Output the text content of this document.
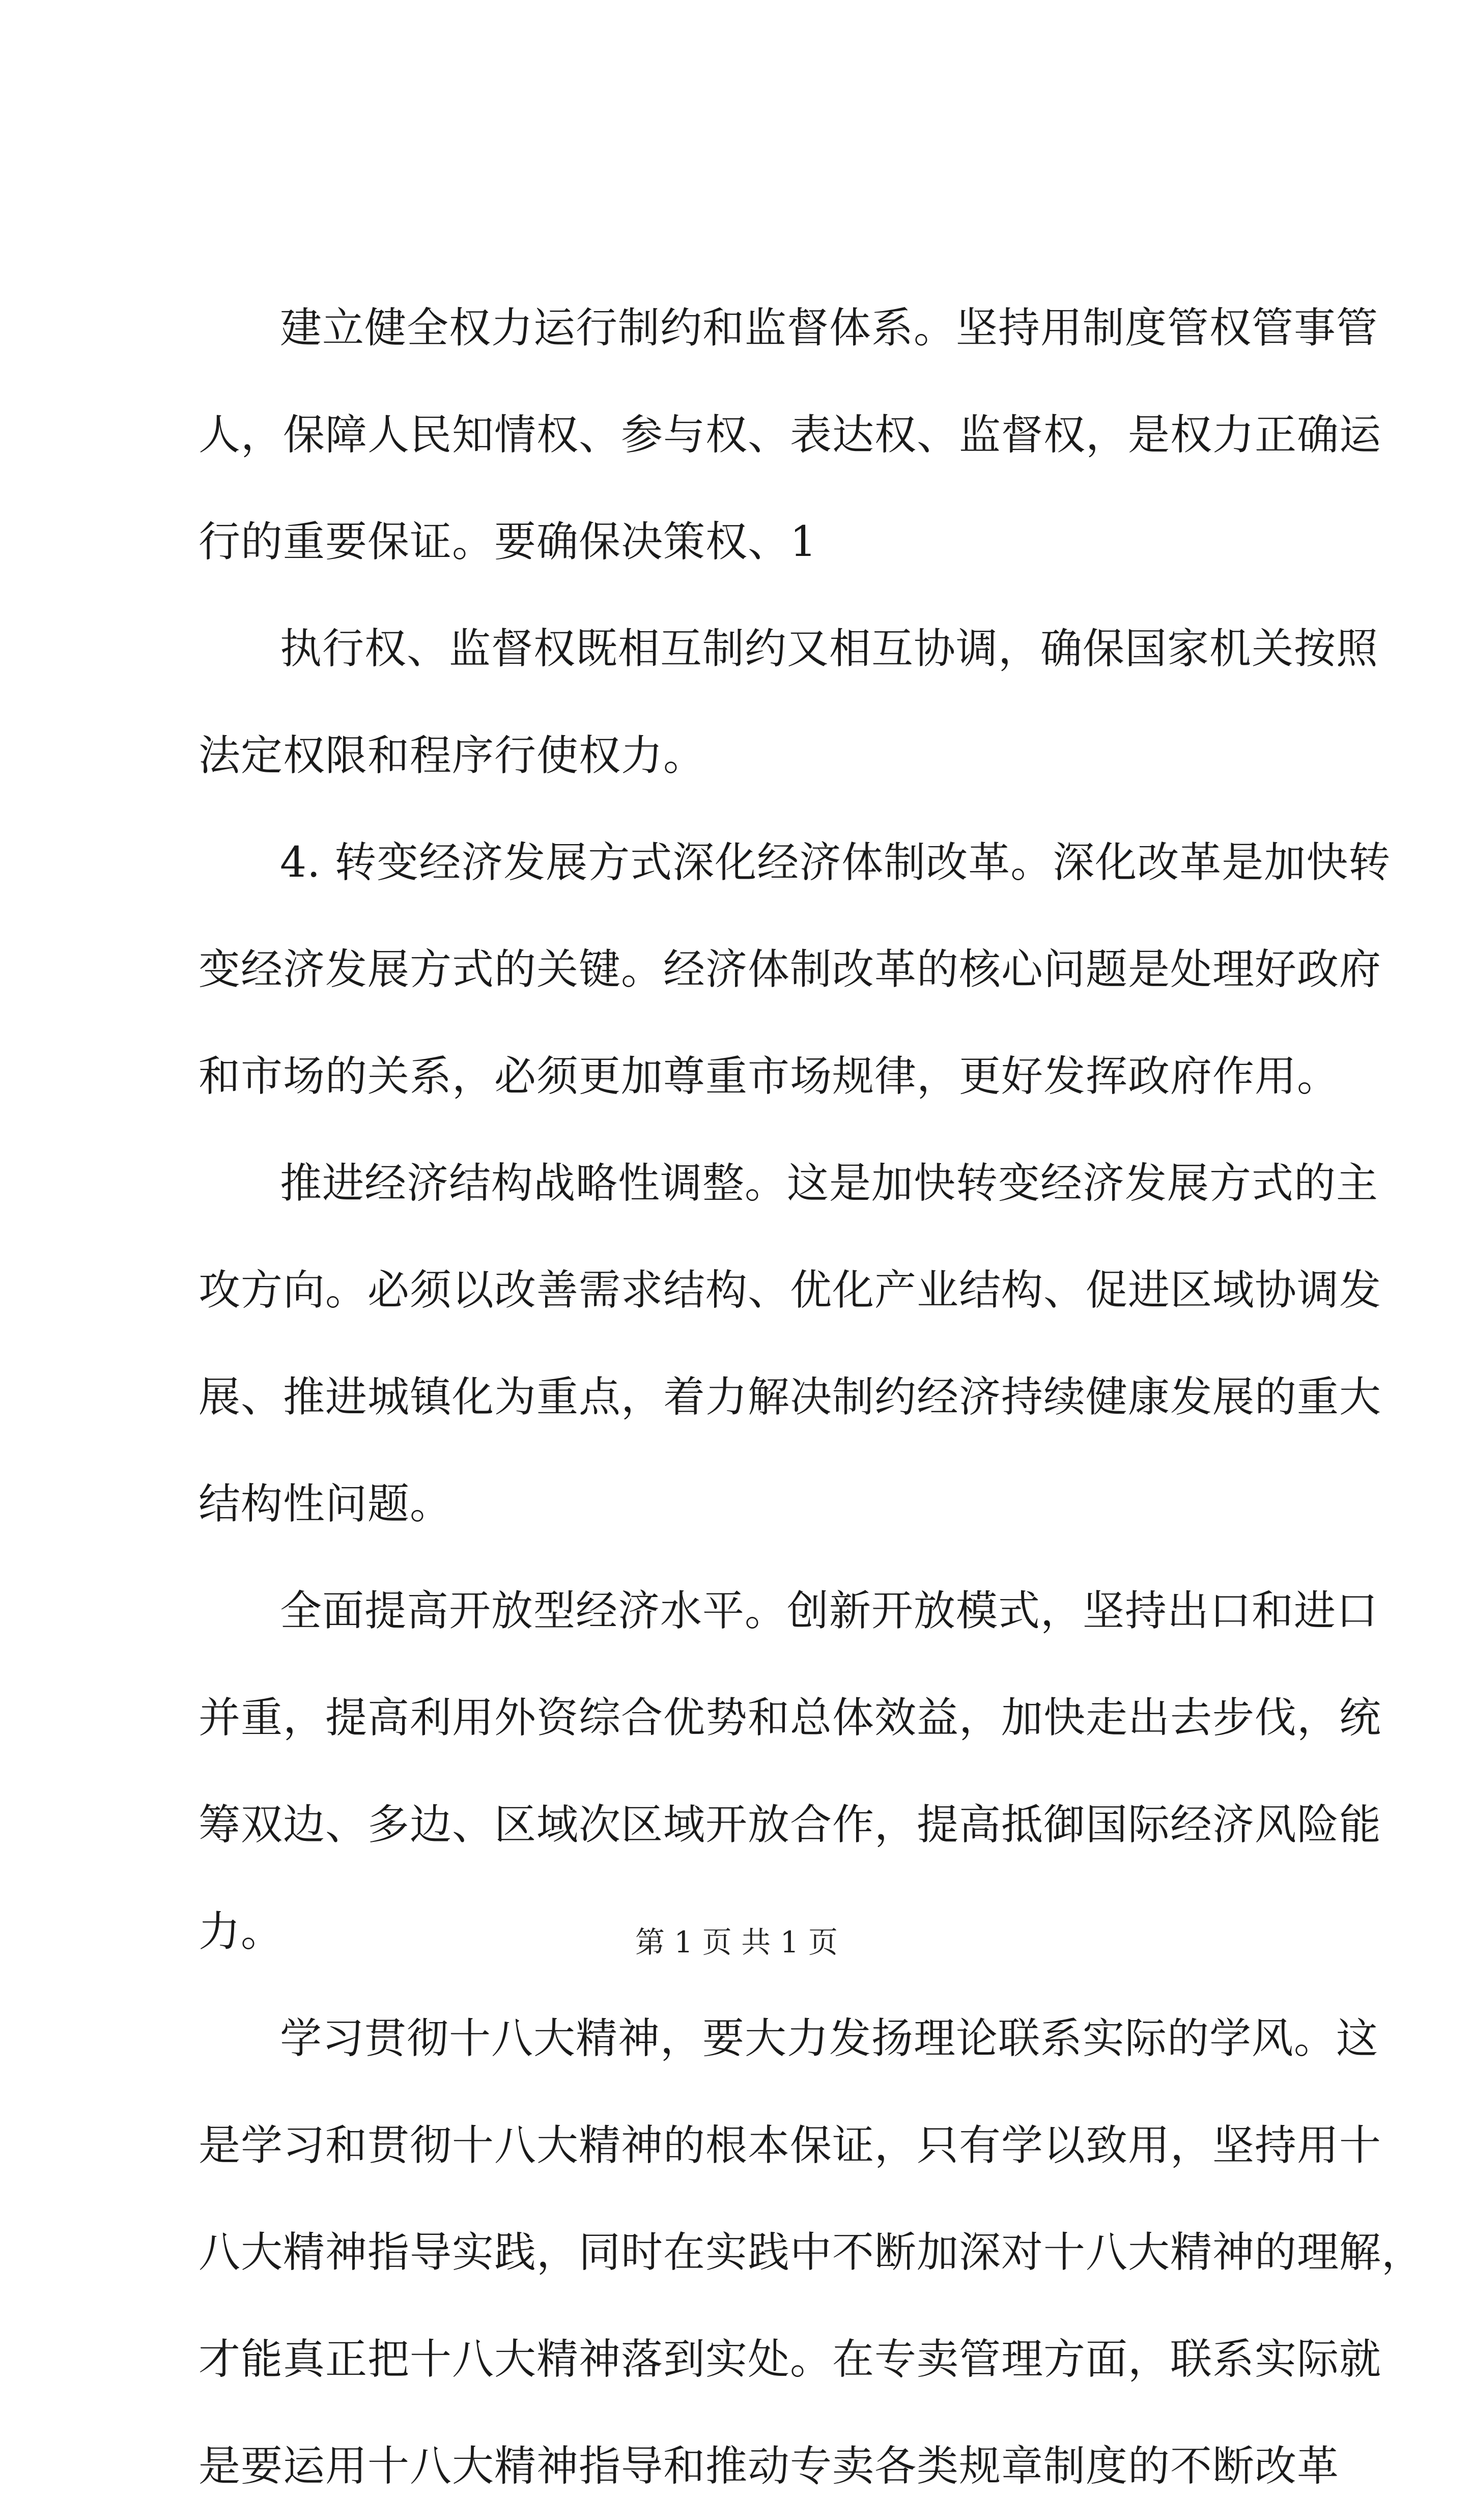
建立健全权力运行制约和监督体系。坚持用制度管权管事管
人，保障人民知情权、参与权、表达权、监督权，是权力正确运
行的重要保证。要确保决策权、1
执行权、监督权既相互制约又相互协调，确保国家机关按照
法定权限和程序行使权力。
4. 转变经济发展方式深化经济体制改革。深化改革是加快转
变经济发展方式的关键。经济体制改革的核心问题是处理好政府
和市场的关系，必须更加尊重市场规律，更好发挥政府作用。
推进经济结构战略性调整。这是加快转变经济发展方式的主
攻方向。必须以改善需求结构、优化产业结构、促进区域协调发
展、推进城镇化为重点，着力解决制约经济持续健康发展的重大
结构性问题。
全面提高开放型经济水平。创新开放模式，坚持出口和进口
并重，提高利用外资综合优势和总体效益，加快走出去步伐，统
筹双边、多边、区域次区域开放合作，提高抵御国际经济风险能
力。
学习贯彻十八大精神，要大力发扬理论联系实际的学风。这
是学习和贯彻十八大精神的根本保证，只有学以致用，坚持用十
八大精神指导实践，同时在实践中不断加深对十八大精神的理解，
才能真正把十八大精神落到实处。在专卖管理方面，联系实际就
是要运用十八大精神指导和推动专卖各类规章制度的不断改革
第 1 页 共 1 页
